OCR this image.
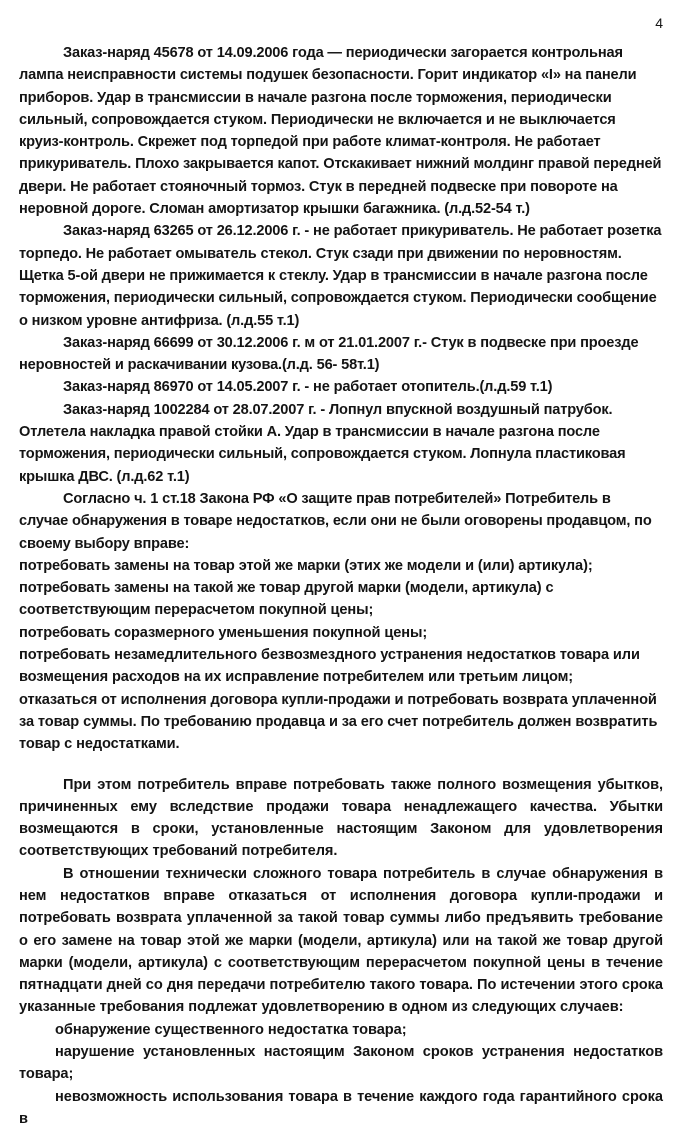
4

Заказ-наряд 45678 от 14.09.2006 года — периодически загорается контрольная лампа неисправности системы подушек безопасности. Горит индикатор «I» на панели приборов. Удар в трансмиссии в начале разгона после торможения, периодически сильный, сопровождается стуком. Периодически не включается и не выключается круиз-контроль. Скрежет под торпедой при работе климат-контроля. Не работает прикуриватель. Плохо закрывается капот. Отскакивает нижний молдинг правой передней двери. Не работает стояночный тормоз. Стук в передней подвеске при повороте на неровной дороге. Сломан амортизатор крышки багажника. (л.д.52-54 т.)

Заказ-наряд 63265 от 26.12.2006 г. - не работает прикуриватель. Не работает розетка торпедо. Не работает омыватель стекол. Стук сзади при движении по неровностям. Щетка 5-ой двери не прижимается к стеклу. Удар в трансмиссии в начале разгона после торможения, периодически сильный, сопровождается стуком. Периодически сообщение о низком уровне антифриза. (л.д.55 т.1)

Заказ-наряд 66699 от 30.12.2006 г. м от 21.01.2007 г.- Стук в подвеске при проезде неровностей и раскачивании кузова.(л.д. 56- 58т.1)

Заказ-наряд 86970 от 14.05.2007 г. - не работает отопитель.(л.д.59 т.1)

Заказ-наряд 1002284 от 28.07.2007 г. - Лопнул впускной воздушный патрубок. Отлетела накладка правой стойки А. Удар в трансмиссии в начале разгона после торможения, периодически сильный, сопровождается стуком. Лопнула пластиковая крышка ДВС. (л.д.62 т.1)

Согласно ч. 1 ст.18 Закона РФ «О защите прав потребителей» Потребитель в случае обнаружения в товаре недостатков, если они не были оговорены продавцом, по своему выбору вправе:

потребовать замены на товар этой же марки (этих же модели и (или) артикула);

потребовать замены на такой же товар другой марки (модели, артикула) с соответствующим перерасчетом покупной цены;

потребовать соразмерного уменьшения покупной цены;

потребовать незамедлительного безвозмездного устранения недостатков товара или возмещения расходов на их исправление потребителем или третьим лицом;

отказаться от исполнения договора купли-продажи и потребовать возврата уплаченной за товар суммы. По требованию продавца и за его счет потребитель должен возвратить товар с недостатками.

При этом потребитель вправе потребовать также полного возмещения убытков, причиненных ему вследствие продажи товара ненадлежащего качества. Убытки возмещаются в сроки, установленные настоящим Законом для удовлетворения соответствующих требований потребителя.

В отношении технически сложного товара потребитель в случае обнаружения в нем недостатков вправе отказаться от исполнения договора купли-продажи и потребовать возврата уплаченной за такой товар суммы либо предъявить требование о его замене на товар этой же марки (модели, артикула) или на такой же товар другой марки (модели, артикула) с соответствующим перерасчетом покупной цены в течение пятнадцати дней со дня передачи потребителю такого товара. По истечении этого срока указанные требования подлежат удовлетворению в одном из следующих случаев:

обнаружение существенного недостатка товара;

нарушение установленных настоящим Законом сроков устранения недостатков товара;

невозможность использования товара в течение каждого года гарантийного срока в
